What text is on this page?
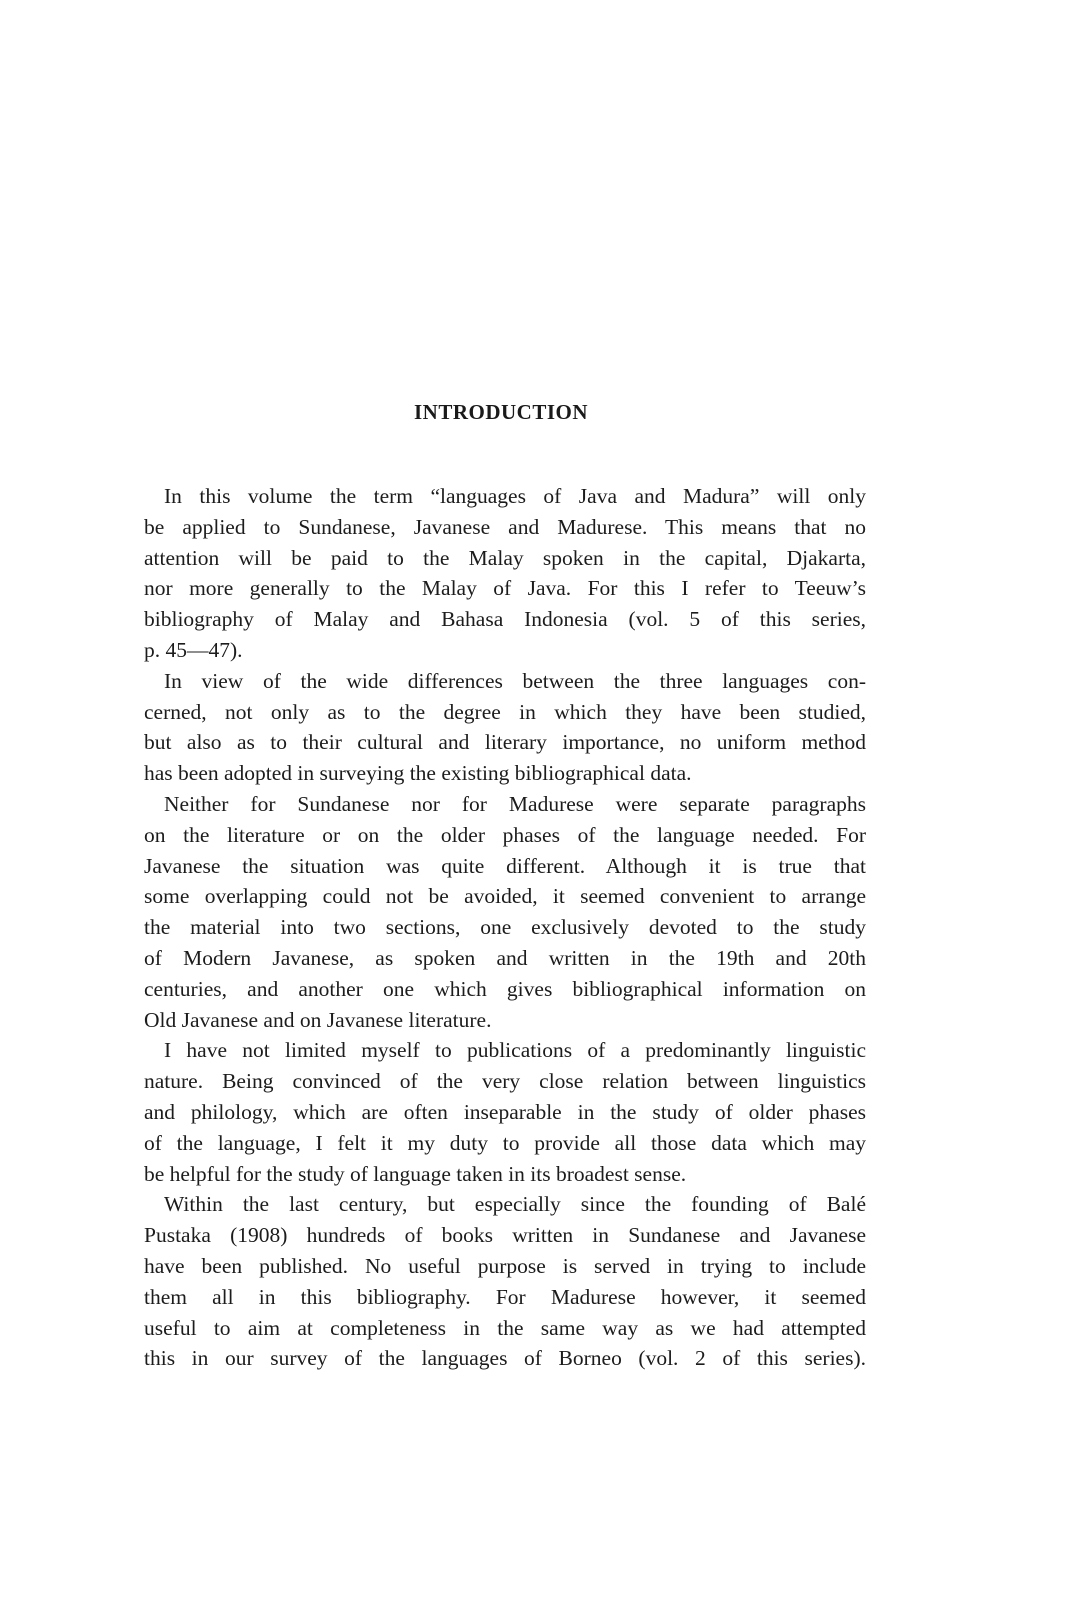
INTRODUCTION
In this volume the term “languages of Java and Madura” will only
be applied to Sundanese, Javanese and Madurese. This means that no
attention will be paid to the Malay spoken in the capital, Djakarta,
nor more generally to the Malay of Java. For this I refer to Teeuw’s
bibliography of Malay and Bahasa Indonesia (vol. 5 of this series,
p. 45—47).
In view of the wide differences between the three languages con-
cerned, not only as to the degree in which they have been studied,
but also as to their cultural and literary importance, no uniform method
has been adopted in surveying the existing bibliographical data.
Neither for Sundanese nor for Madurese were separate paragraphs
on the literature or on the older phases of the language needed. For
Javanese the situation was quite different. Although it is true that
some overlapping could not be avoided, it seemed convenient to arrange
the material into two sections, one exclusively devoted to the study
of Modern Javanese, as spoken and written in the 19th and 20th
centuries, and another one which gives bibliographical information on
Old Javanese and on Javanese literature.
I have not limited myself to publications of a predominantly linguistic
nature. Being convinced of the very close relation between linguistics
and philology, which are often inseparable in the study of older phases
of the language, I felt it my duty to provide all those data which may
be helpful for the study of language taken in its broadest sense.
Within the last century, but especially since the founding of Balé
Pustaka (1908) hundreds of books written in Sundanese and Javanese
have been published. No useful purpose is served in trying to include
them all in this bibliography. For Madurese however, it seemed
useful to aim at completeness in the same way as we had attempted
this in our survey of the languages of Borneo (vol. 2 of this series).
